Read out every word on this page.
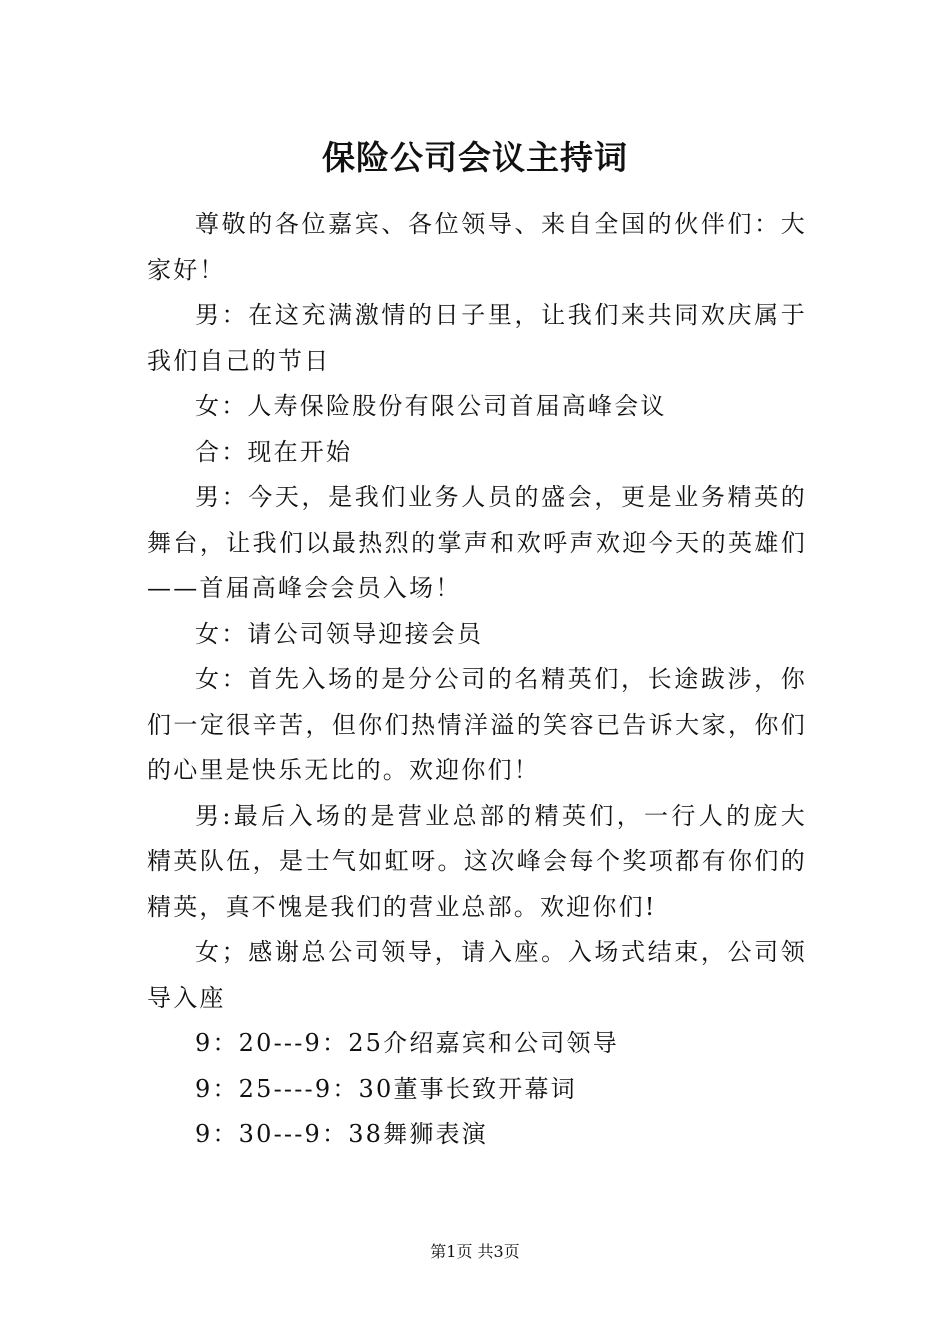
保险公司会议主持词

尊敬的各位嘉宾、各位领导、来自全国的伙伴们：大家好！

男：在这充满激情的日子里，让我们来共同欢庆属于我们自己的节日

女：人寿保险股份有限公司首届高峰会议

合：现在开始

男：今天，是我们业务人员的盛会，更是业务精英的舞台，让我们以最热烈的掌声和欢呼声欢迎今天的英雄们——首届高峰会会员入场！

女：请公司领导迎接会员

女：首先入场的是分公司的名精英们，长途跋涉，你们一定很辛苦，但你们热情洋溢的笑容已告诉大家，你们的心里是快乐无比的。欢迎你们！

男:最后入场的是营业总部的精英们，一行人的庞大精英队伍，是士气如虹呀。这次峰会每个奖项都有你们的精英，真不愧是我们的营业总部。欢迎你们!

女；感谢总公司领导，请入座。入场式结束，公司领导入座

9：20---9：25介绍嘉宾和公司领导

9：25----9：30董事长致开幕词

9：30---9：38舞狮表演

第1页 共3页
